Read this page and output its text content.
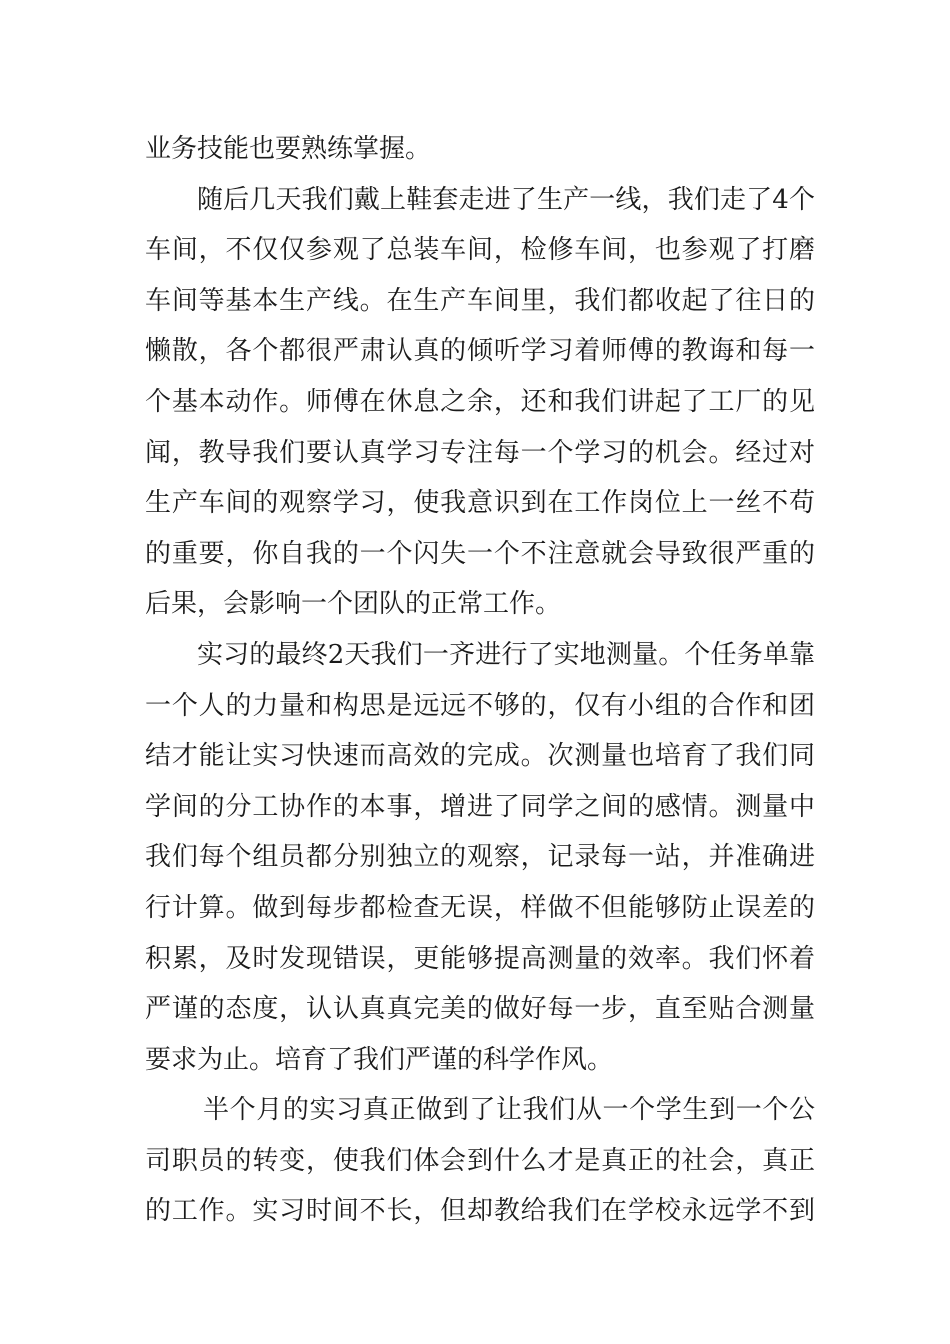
业务技能也要熟练掌握。
随后几天我们戴上鞋套走进了生产一线，我们走了4个
车间，不仅仅参观了总装车间，检修车间，也参观了打磨
车间等基本生产线。在生产车间里，我们都收起了往日的
懒散，各个都很严肃认真的倾听学习着师傅的教诲和每一
个基本动作。师傅在休息之余，还和我们讲起了工厂的见
闻，教导我们要认真学习专注每一个学习的机会。经过对
生产车间的观察学习，使我意识到在工作岗位上一丝不苟
的重要，你自我的一个闪失一个不注意就会导致很严重的
后果，会影响一个团队的正常工作。
实习的最终2天我们一齐进行了实地测量。个任务单靠
一个人的力量和构思是远远不够的，仅有小组的合作和团
结才能让实习快速而高效的完成。次测量也培育了我们同
学间的分工协作的本事，增进了同学之间的感情。测量中
我们每个组员都分别独立的观察，记录每一站，并准确进
行计算。做到每步都检查无误，样做不但能够防止误差的
积累，及时发现错误，更能够提高测量的效率。我们怀着
严谨的态度，认认真真完美的做好每一步，直至贴合测量
要求为止。培育了我们严谨的科学作风。
半个月的实习真正做到了让我们从一个学生到一个公
司职员的转变，使我们体会到什么才是真正的社会，真正
的工作。实习时间不长，但却教给我们在学校永远学不到
